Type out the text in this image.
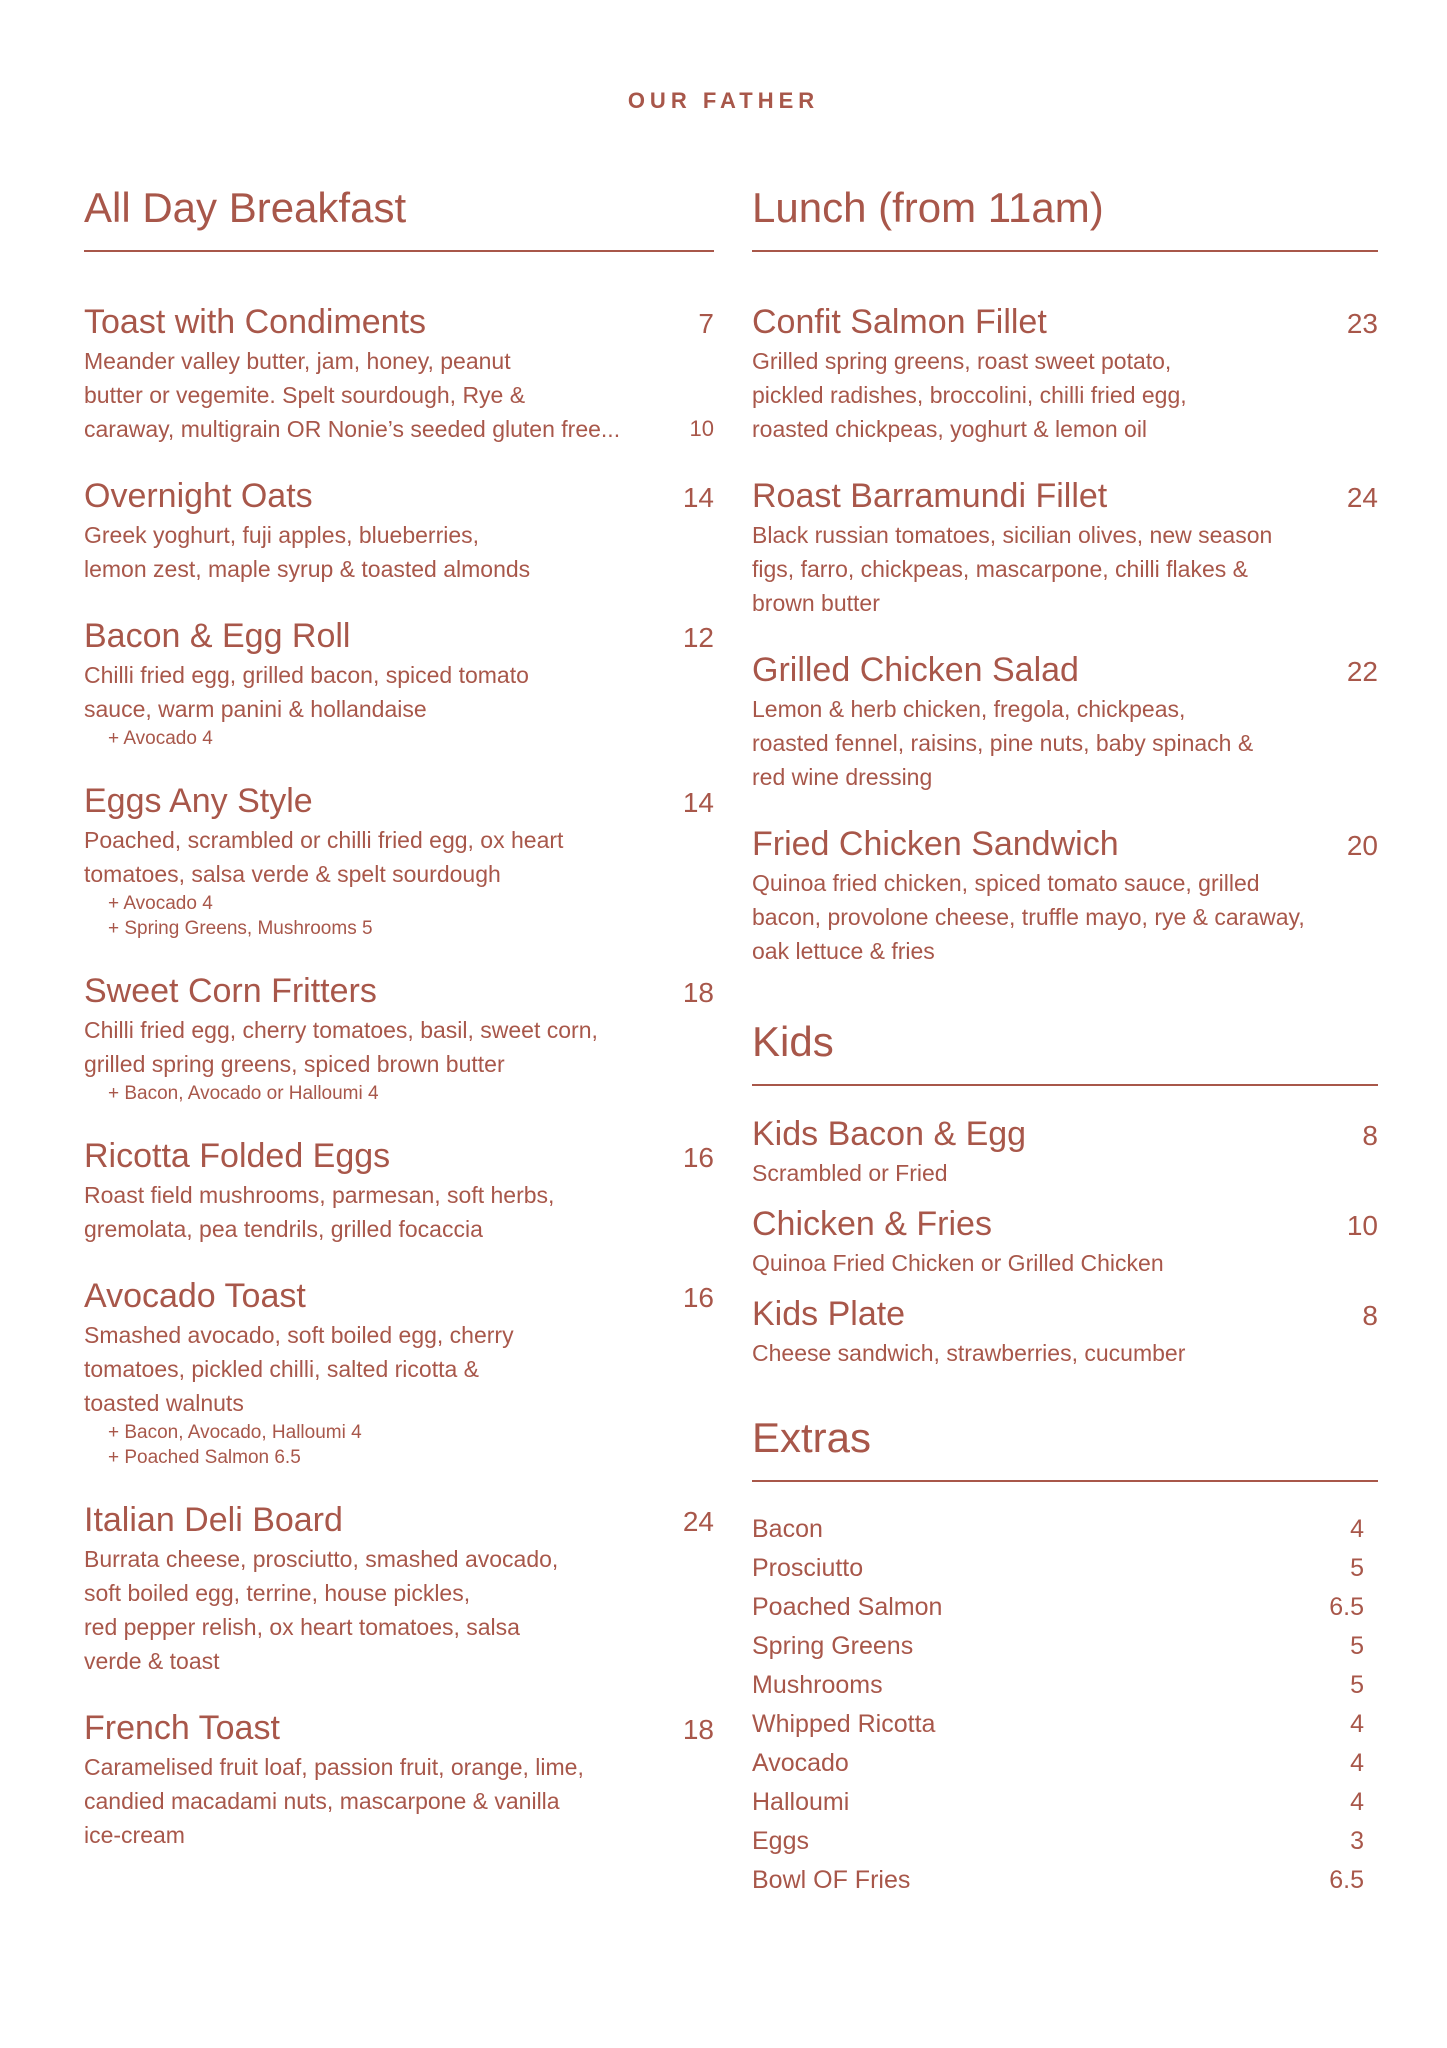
OUR FATHER
All Day Breakfast
Toast with Condiments	7
Meander valley butter, jam, honey, peanut
butter or vegemite. Spelt sourdough, Rye &
caraway, multigrain OR Nonie’s seeded gluten free...	10
Overnight Oats	14
Greek yoghurt, fuji apples, blueberries,
lemon zest, maple syrup & toasted almonds
Bacon & Egg Roll	12
Chilli fried egg, grilled bacon, spiced tomato
sauce, warm panini & hollandaise
+ Avocado 4
Eggs Any Style	14
Poached, scrambled or chilli fried egg, ox heart
tomatoes, salsa verde & spelt sourdough
+ Avocado 4
+ Spring Greens, Mushrooms 5
Sweet Corn Fritters	18
Chilli fried egg, cherry tomatoes, basil, sweet corn,
grilled spring greens, spiced brown butter
+ Bacon, Avocado or Halloumi 4
Ricotta Folded Eggs	16
Roast field mushrooms, parmesan, soft herbs,
gremolata, pea tendrils, grilled focaccia
Avocado Toast	16
Smashed avocado, soft boiled egg, cherry
tomatoes, pickled chilli, salted ricotta &
toasted walnuts
+ Bacon, Avocado, Halloumi 4
+ Poached Salmon 6.5
Italian Deli Board	24
Burrata cheese, prosciutto, smashed avocado,
soft boiled egg, terrine, house pickles,
red pepper relish, ox heart tomatoes, salsa
verde & toast
French Toast	18
Caramelised fruit loaf, passion fruit, orange, lime,
candied macadami nuts, mascarpone & vanilla
ice-cream
Lunch (from 11am)
Confit Salmon Fillet	23
Grilled spring greens, roast sweet potato,
pickled radishes, broccolini, chilli fried egg,
roasted chickpeas, yoghurt & lemon oil
Roast Barramundi Fillet	24
Black russian tomatoes, sicilian olives, new season
figs, farro, chickpeas, mascarpone, chilli flakes &
brown butter
Grilled Chicken Salad	22
Lemon & herb chicken, fregola, chickpeas,
roasted fennel, raisins, pine nuts, baby spinach &
red wine dressing
Fried Chicken Sandwich	20
Quinoa fried chicken, spiced tomato sauce, grilled
bacon, provolone cheese, truffle mayo, rye & caraway,
oak lettuce & fries
Kids
Kids Bacon & Egg	8
Scrambled or Fried
Chicken & Fries	10
Quinoa Fried Chicken or Grilled Chicken
Kids Plate	8
Cheese sandwich, strawberries, cucumber
Extras
Bacon	4
Prosciutto	5
Poached Salmon	6.5
Spring Greens	5
Mushrooms	5
Whipped Ricotta	4
Avocado	4
Halloumi	4
Eggs	3
Bowl OF Fries	6.5
